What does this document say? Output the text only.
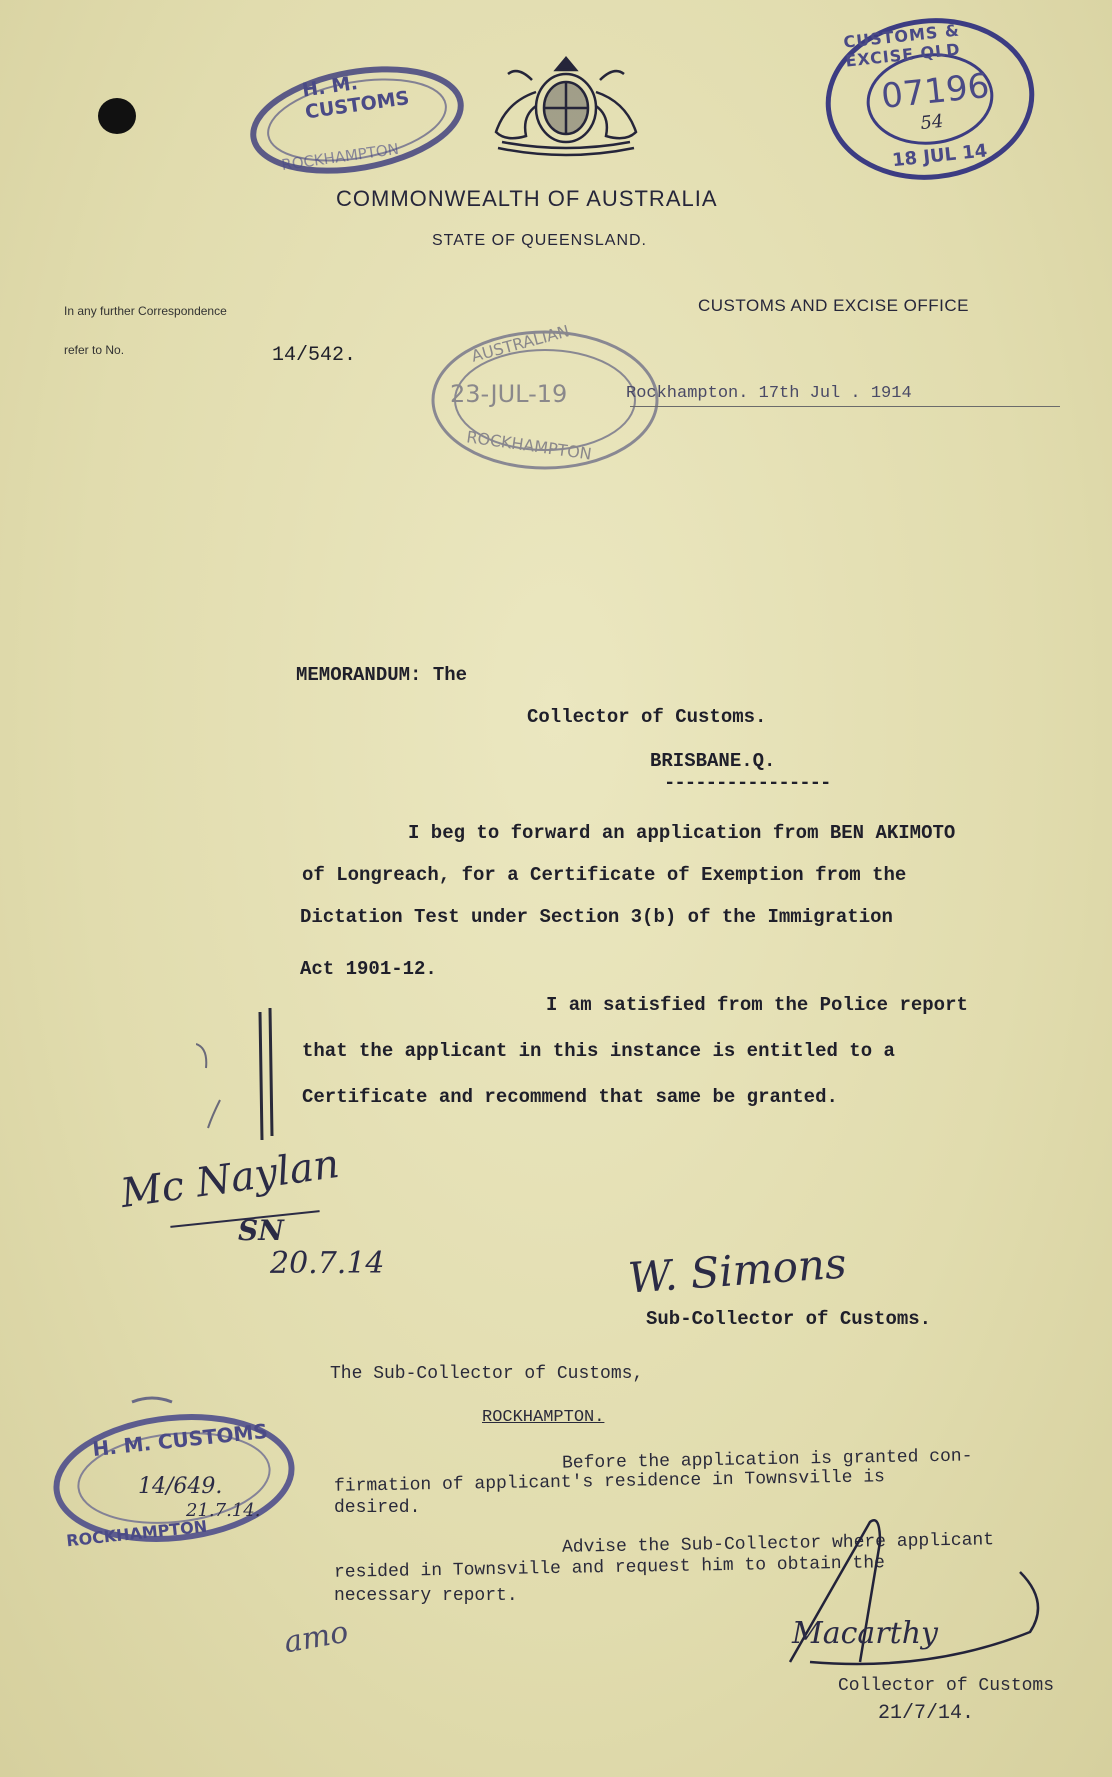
H. M. CUSTOMS
ROCKHAMPTON
CUSTOMS & EXCISE QLD
07196
54
18 JUL 14
COMMONWEALTH OF AUSTRALIA
STATE OF QUEENSLAND.
CUSTOMS AND EXCISE OFFICE
In any further Correspondence
refer to No.	14/542.	AUSTRALIAN
23-JUL-19
ROCKHAMPTON
Rockhampton. 17th Jul . 1914
MEMORANDUM: The
Collector of Customs.
BRISBANE.Q.
----------------
I beg to forward an application from BEN AKIMOTO
of Longreach, for a Certificate of Exemption from the
Dictation Test under Section 3(b) of the Immigration
Act 1901-12.
I am satisfied from the Police report
that the applicant in this instance is entitled to a
Certificate and recommend that same be granted.
Mc Naylan
SN
20.7.14	W. Simons
Sub-Collector of Customs.
The Sub-Collector of Customs,
ROCKHAMPTON.
H. M. CUSTOMS
14/649.
21.7.14.
ROCKHAMPTON
Before the application is granted con-
firmation of applicant's residence in Townsville is
desired.
Advise the Sub-Collector where applicant
resided in Townsville and request him to obtain the
necessary report.
Macarthy
Collector of Customs
21/7/14.
amo
